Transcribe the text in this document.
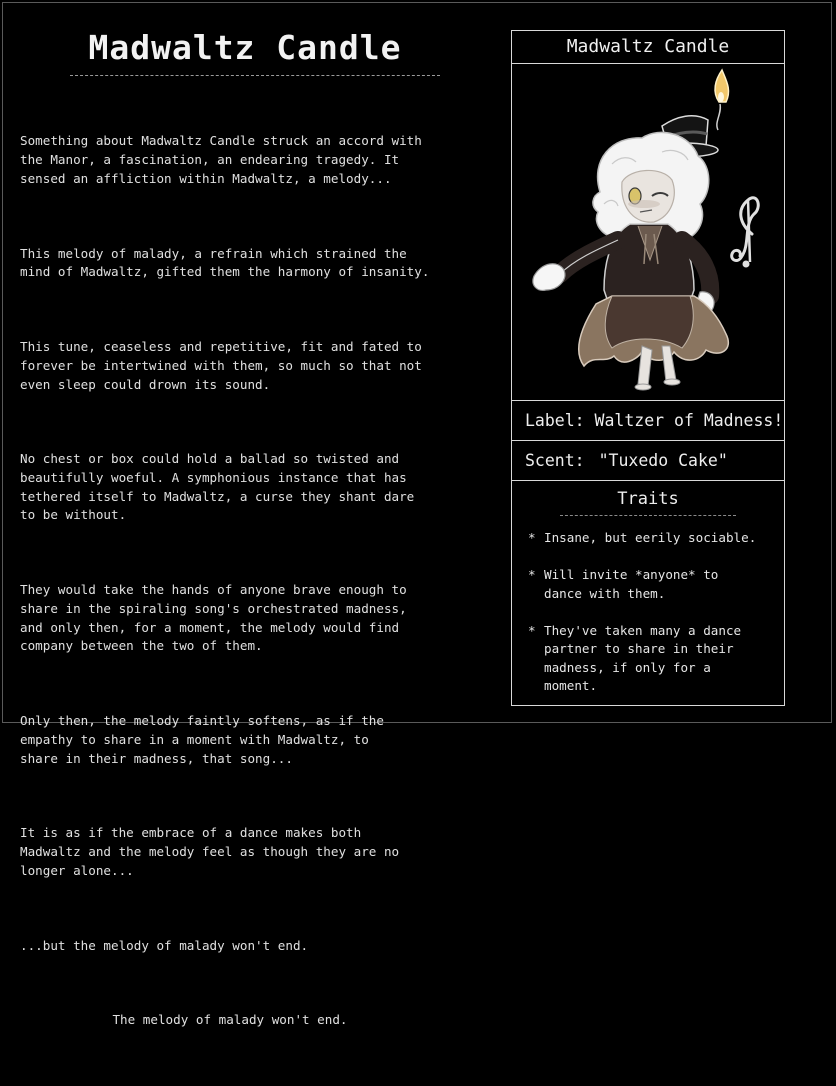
Madwaltz Candle

Something about Madwaltz Candle struck an accord with
the Manor, a fascination, an endearing tragedy. It
sensed an affliction within Madwaltz, a melody...

This melody of malady, a refrain which strained the
mind of Madwaltz, gifted them the harmony of insanity.

This tune, ceaseless and repetitive, fit and fated to
forever be intertwined with them, so much so that not
even sleep could drown its sound.

No chest or box could hold a ballad so twisted and
beautifully woeful. A symphonious instance that has
tethered itself to Madwaltz, a curse they shant dare
to be without.

They would take the hands of anyone brave enough to
share in the spiraling song's orchestrated madness,
and only then, for a moment, the melody would find
company between the two of them.

Only then, the melody faintly softens, as if the
empathy to share in a moment with Madwaltz, to
share in their madness, that song...

It is as if the embrace of a dance makes both
Madwaltz and the melody feel as though they are no
longer alone...

...but the melody of malady won't end.

The melody of malady won't end.

Madwaltz Candle
Label: Waltzer of Madness!
Scent: "Tuxedo Cake"
Traits
* Insane, but eerily sociable.
* Will invite *anyone* to
dance with them.
* They've taken many a dance
partner to share in their
madness, if only for a
moment.
